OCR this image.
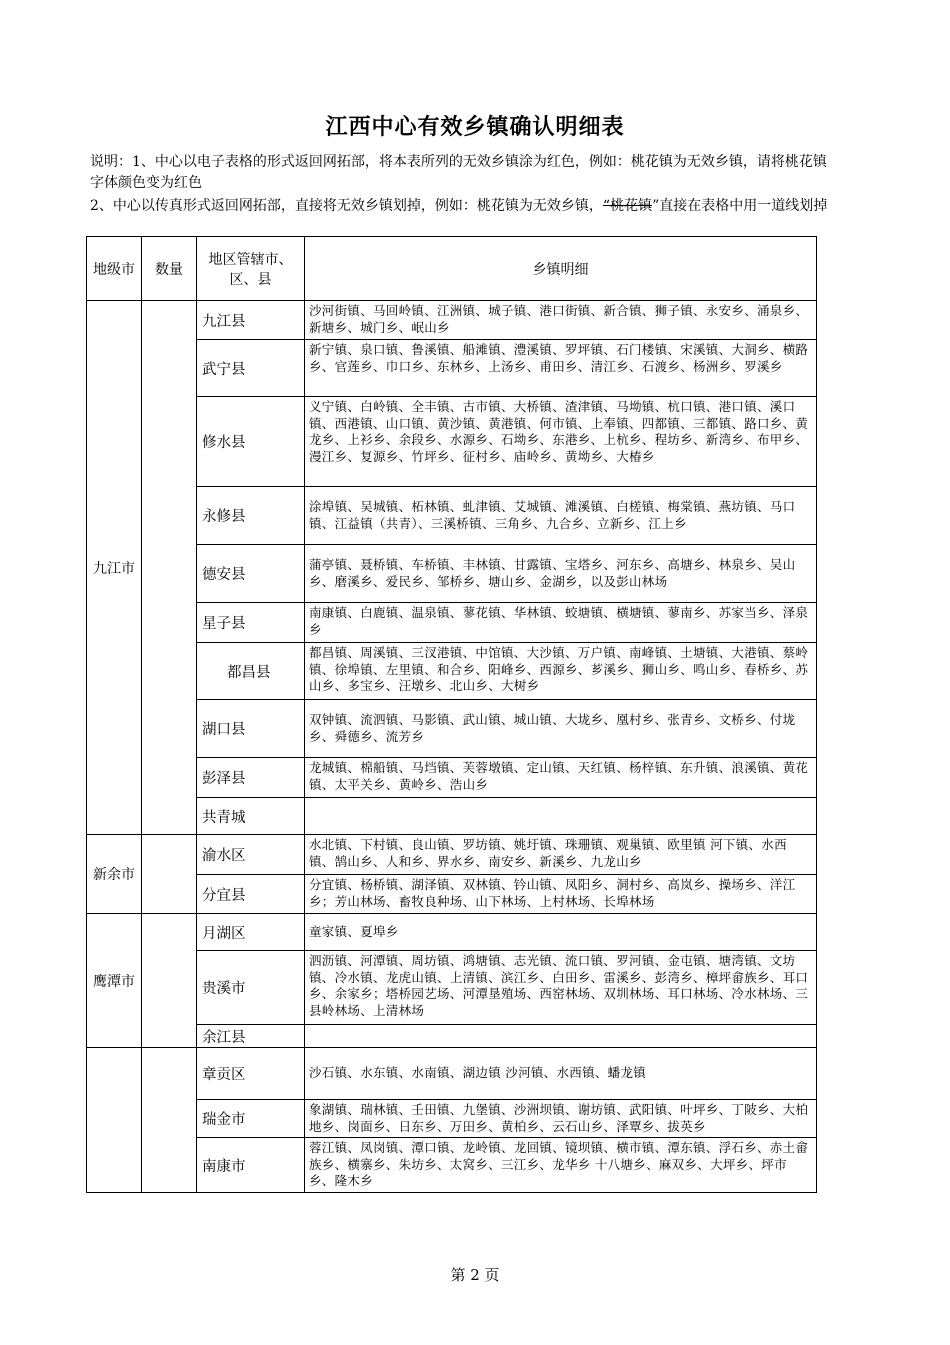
江西中心有效乡镇确认明细表
说明：1、中心以电子表格的形式返回网拓部，将本表所列的无效乡镇涂为红色，例如：桃花镇为无效乡镇，请将桃花镇字体颜色变为红色
2、中心以传真形式返回网拓部，直接将无效乡镇划掉，例如：桃花镇为无效乡镇，“桃花镇”直接在表格中用一道线划掉
地级市	数量	地区管辖市、区、县	乡镇明细
九江市		九江县	沙河街镇、马回岭镇、江洲镇、城子镇、港口街镇、新合镇、狮子镇、永安乡、涌泉乡、新塘乡、城门乡、岷山乡
		武宁县	新宁镇、泉口镇、鲁溪镇、船滩镇、澧溪镇、罗坪镇、石门楼镇、宋溪镇、大洞乡、横路乡、官莲乡、巾口乡、东林乡、上汤乡、甫田乡、清江乡、石渡乡、杨洲乡、罗溪乡
		修水县	义宁镇、白岭镇、全丰镇、古市镇、大桥镇、渣津镇、马坳镇、杭口镇、港口镇、溪口镇、西港镇、山口镇、黄沙镇、黄港镇、何市镇、上奉镇、四都镇、三都镇、路口乡、黄龙乡、上衫乡、余段乡、水源乡、石坳乡、东港乡、上杭乡、程坊乡、新湾乡、布甲乡、漫江乡、复源乡、竹坪乡、征村乡、庙岭乡、黄坳乡、大椿乡
		永修县	涂埠镇、吴城镇、柘林镇、虬津镇、艾城镇、滩溪镇、白槎镇、梅棠镇、燕坊镇、马口镇、江益镇（共青）、三溪桥镇、三角乡、九合乡、立新乡、江上乡
		德安县	蒲亭镇、聂桥镇、车桥镇、丰林镇、甘露镇、宝塔乡、河东乡、高塘乡、林泉乡、吴山乡、磨溪乡、爱民乡、邹桥乡、塘山乡、金湖乡，以及彭山林场
		星子县	南康镇、白鹿镇、温泉镇、蓼花镇、华林镇、蛟塘镇、横塘镇、蓼南乡、苏家当乡、泽泉乡
		都昌县	都昌镇、周溪镇、三汊港镇、中馆镇、大沙镇、万户镇、南峰镇、土塘镇、大港镇、蔡岭镇、徐埠镇、左里镇、和合乡、阳峰乡、西源乡、芗溪乡、狮山乡、鸣山乡、春桥乡、苏山乡、多宝乡、汪墩乡、北山乡、大树乡
		湖口县	双钟镇、流泗镇、马影镇、武山镇、城山镇、大垅乡、凰村乡、张青乡、文桥乡、付垅乡、舜德乡、流芳乡
		彭泽县	龙城镇、棉船镇、马垱镇、芙蓉墩镇、定山镇、天红镇、杨梓镇、东升镇、浪溪镇、黄花镇、太平关乡、黄岭乡、浩山乡
		共青城	
新余市		渝水区	水北镇、下村镇、良山镇、罗坊镇、姚圩镇、珠珊镇、观巢镇、欧里镇 河下镇、水西镇、鹄山乡、人和乡、界水乡、南安乡、新溪乡、九龙山乡
		分宜县	分宜镇、杨桥镇、湖泽镇、双林镇、钤山镇、凤阳乡、洞村乡、高岚乡、操场乡、洋江乡；芳山林场、畜牧良种场、山下林场、上村林场、长埠林场
鹰潭市		月湖区	童家镇、夏埠乡
		贵溪市	泗沥镇、河潭镇、周坊镇、鸿塘镇、志光镇、流口镇、罗河镇、金屯镇、塘湾镇、文坊镇、冷水镇、龙虎山镇、上清镇、滨江乡、白田乡、雷溪乡、彭湾乡、樟坪畲族乡、耳口乡、余家乡；塔桥园艺场、河潭垦殖场、西窑林场、双圳林场、耳口林场、冷水林场、三县岭林场、上清林场
		余江县	
		章贡区	沙石镇、水东镇、水南镇、湖边镇 沙河镇、水西镇、蟠龙镇
		瑞金市	象湖镇、瑞林镇、壬田镇、九堡镇、沙洲坝镇、谢坊镇、武阳镇、叶坪乡、丁陂乡、大柏地乡、岗面乡、日东乡、万田乡、黄柏乡、云石山乡、泽覃乡、拔英乡
		南康市	蓉江镇、凤岗镇、潭口镇、龙岭镇、龙回镇、镜坝镇、横市镇、潭东镇、浮石乡、赤土畲族乡、横寨乡、朱坊乡、太窝乡、三江乡、龙华乡 十八塘乡、麻双乡、大坪乡、坪市乡、隆木乡
第 2 页
